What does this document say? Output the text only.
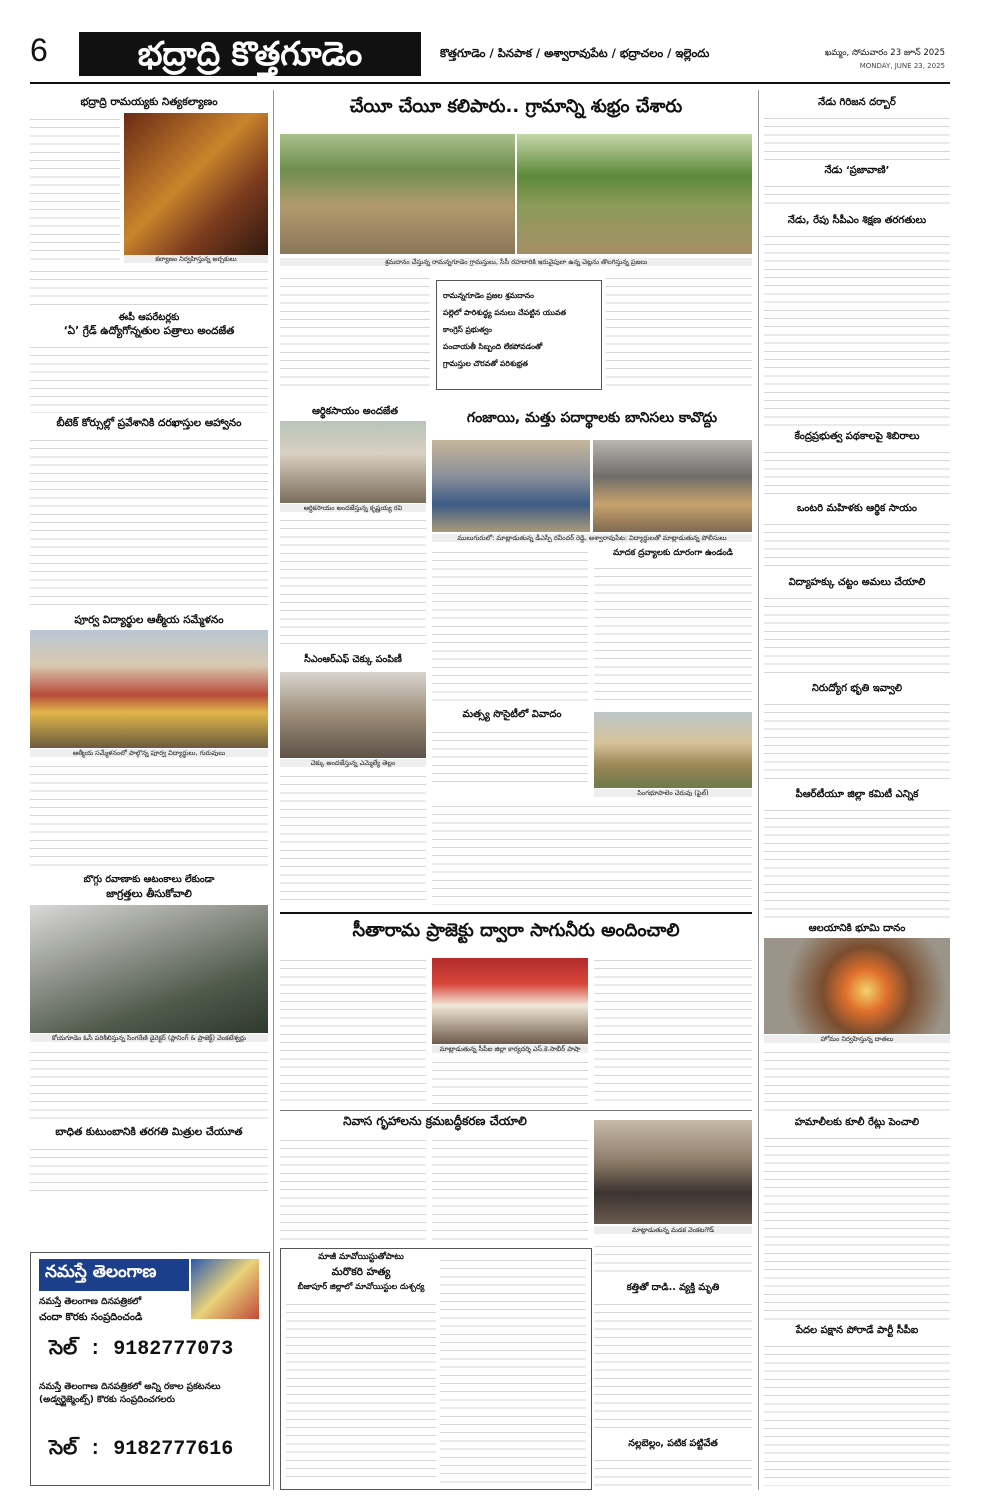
6	భద్రాద్రి కొత్తగూడెం	కొత్తగూడెం / పినపాక / అశ్వారావుపేట / భద్రాచలం / ఇల్లెందు	ఖమ్మం, సోమవారం 23 జూన్ 2025
MONDAY, JUNE 23, 2025
భద్రాద్రి రామయ్యకు నిత్యకల్యాణం
కల్యాణం నిర్వహిస్తున్న అర్చకులు
ఈపీ ఆపరేటర్లకు
‘ఏ’ గ్రేడ్ ఉద్యోగోన్నతుల పత్రాలు అందజేత
బీటెక్ కోర్సుల్లో ప్రవేశానికి దరఖాస్తుల ఆహ్వానం
పూర్వ విద్యార్థుల ఆత్మీయ సమ్మేళనం
ఆత్మీయ సమ్మేళనంలో పాల్గొన్న పూర్వ విద్యార్థులు, గురువులు
బొగ్గు రవాణాకు ఆటంకాలు లేకుండా
జాగ్రత్తలు తీసుకోవాలి
కోయగూడెం ఓసీ పరిశీలిస్తున్న సింగరేణి డైరెక్టర్ (ప్లానింగ్ & ప్రాజెక్ట్) వెంకటేశ్వర్లు
బాధిత కుటుంబానికి తరగతి మిత్రుల చేయూత
నమస్తే తెలంగాణ
నమస్తే తెలంగాణ దినపత్రికలో
చందా కొరకు సంప్రదించండి
సెల్ : 9182777073
నమస్తే తెలంగాణ దినపత్రికలో అన్ని రకాల ప్రకటనలు (అడ్వర్టైజ్మెంట్స్) కొరకు సంప్రదించగలరు
సెల్ : 9182777616
చేయీ చేయీ కలిపారు.. గ్రామాన్ని శుభ్రం చేశారు
శ్రమదానం చేస్తున్న రామన్నగూడెం గ్రామస్తులు, సీసీ రహదారికి ఇరువైపులా ఉన్న చెట్లను తొలగిస్తున్న ప్రజలు
రామన్నగూడెం ప్రజల శ్రమదానం
పల్లెలో పారిశుద్ధ్య పనులు చేపట్టిన యువత
కాంగ్రెస్ ప్రభుత్వం
పంచాయతీ సిబ్బంది లేకపోవడంతో
గ్రామస్తుల చొరవతో పరిశుభ్రత
ఆర్థికసాయం అందజేత
ఆర్థికసాయం అందజేస్తున్న కృష్ణయ్య రవి
గంజాయి, మత్తు పదార్థాలకు బానిసలు కావొద్దు
ములుగురులో: మాట్లాడుతున్న డీఎస్పీ రవీందర్ రెడ్డి, అశ్వారావుపేట: విద్యార్థులతో మాట్లాడుతున్న పోలీసులు
మాదక ద్రవ్యాలకు దూరంగా ఉండండి
సీఎంఆర్ఎఫ్ చెక్కు పంపిణీ
చెక్కు అందజేస్తున్న ఎమ్మెల్యే తెల్లం
మత్స్య సొసైటీలో వివాదం
సింగభూపాలెం చెరువు (ఫైల్)
సీతారామ ప్రాజెక్టు ద్వారా సాగునీరు అందించాలి
మాట్లాడుతున్న సీపీఐ జిల్లా కార్యదర్శి ఎస్.కె.సాబీర్ పాషా
నివాస గృహాలను క్రమబద్ధీకరణ చేయాలి
మాట్లాడుతున్న మడక వెంకటగౌడ్
మాజీ మావోయిస్టుతోపాటు
మరొకరి హత్య
బీజాపూర్ జిల్లాలో మావోయిస్టుల దుశ్చర్య	కత్తితో దాడి.. వ్యక్తి మృతి
నల్లబెల్లం, పటిక పట్టివేత
నేడు గిరిజన దర్బార్
నేడు ‘ప్రజావాణి’
నేడు, రేపు సీపీఎం శిక్షణ తరగతులు
కేంద్రప్రభుత్వ పథకాలపై శిబిరాలు
ఒంటరి మహిళకు ఆర్థిక సాయం
విద్యాహక్కు చట్టం అమలు చేయాలి
నిరుద్యోగ భృతి ఇవ్వాలి
పీఆర్‌టీయూ జిల్లా కమిటీ ఎన్నిక
ఆలయానికి భూమి దానం
హోమం నిర్వహిస్తున్న దాతలు
హమాలీలకు కూలీ రేట్లు పెంచాలి
పేదల పక్షాన పోరాడే పార్టీ సీపీఐ
